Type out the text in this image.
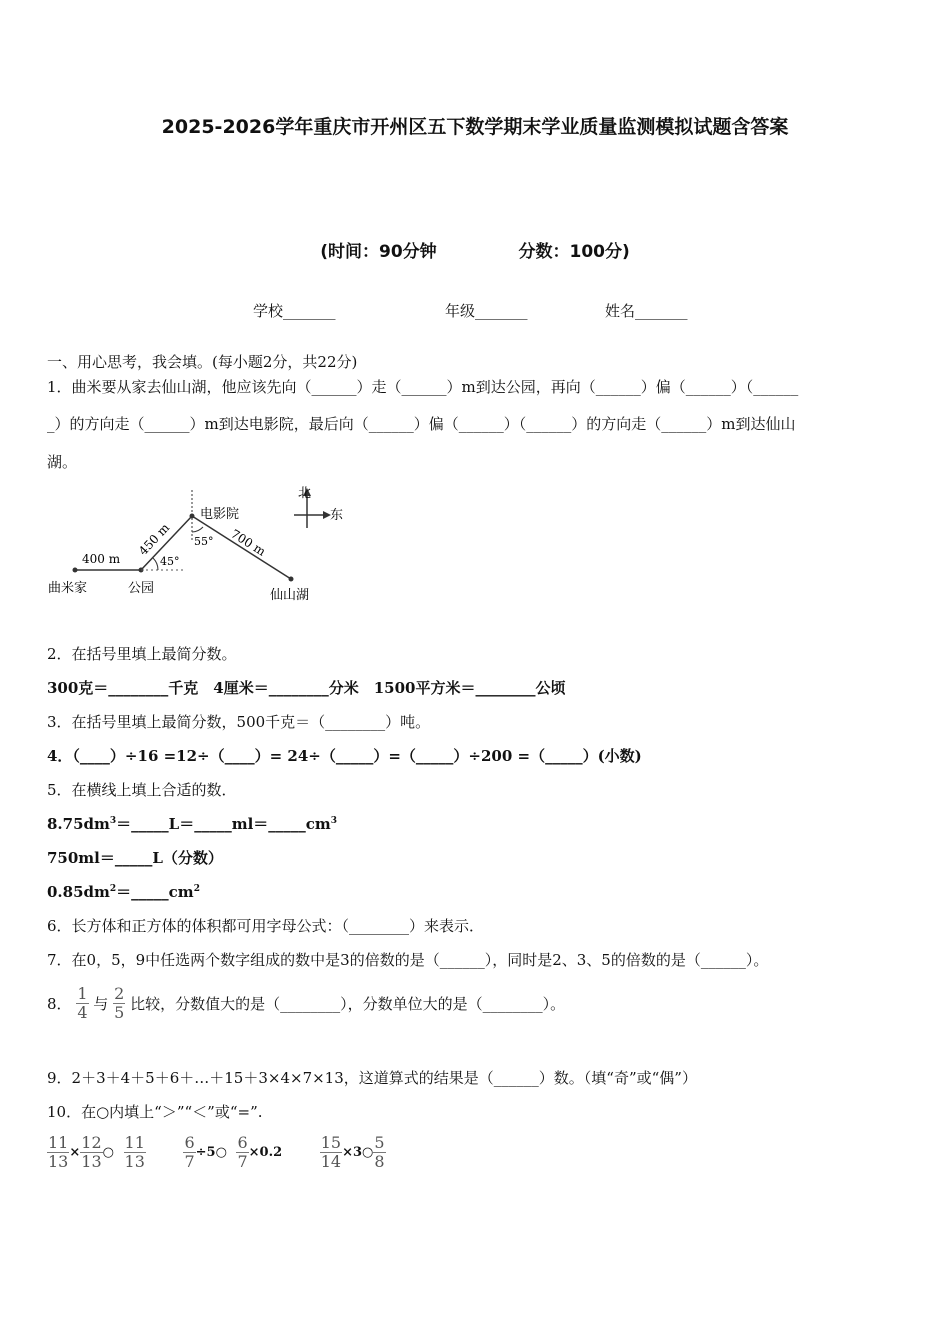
2025-2026学年重庆市开州区五下数学期末学业质量监测模拟试题含答案
(时间：90分钟	分数：100分)
学校_______	年级_______	姓名_______
一、用心思考，我会填。(每小题2分，共22分)
1．曲米要从家去仙山湖，他应该先向（______）走（______）m到达公园，再向（______）偏（______）（______
_）的方向走（______）m到达电影院，最后向（______）偏（______）（______）的方向走（______）m到达仙山
湖。
北
东
400 m
450 m	700 m
45°
55°
电影院
曲米家	公园	仙山湖
2．在括号里填上最简分数。
300克＝________千克　4厘米＝________分米　1500平方米＝________公顷
3．在括号里填上最简分数，500千克＝（________）吨。
4．（____）÷16 =12÷（____）= 24÷（_____）=（_____）÷200 =（_____）(小数)
5．在横线上填上合适的数．
$8.75dm^3=\_\_\_\_\_L=\_\_\_\_\_ml=\_\_\_\_\_cm^3$
750ml＝_____L（分数）
$0.85dm^2=\_\_\_\_\_cm^2$
6．长方体和正方体的体积都可用字母公式：（________）来表示．
7．在0，5，9中任选两个数字组成的数中是3的倍数的是（______），同时是2、3、5的倍数的是（______）。
8． $\frac{1}{4}$ 与 $\frac{2}{5}$ 比较，分数值大的是（________），分数单位大的是（________）。
9．2＋3＋4＋5＋6＋…＋15＋3×4×7×13，这道算式的结果是（______）数。（填“奇”或“偶”）
10．在○内填上“＞”“＜”或“=”.
$\frac{11}{13} \times \frac{12}{13}$ ○ $\frac{11}{13}$
$\frac{6}{7}$ ÷5○ $\frac{6}{7} \times 0.2 \frac{15}{14}$ ×3○ $\frac{5}{8}$
